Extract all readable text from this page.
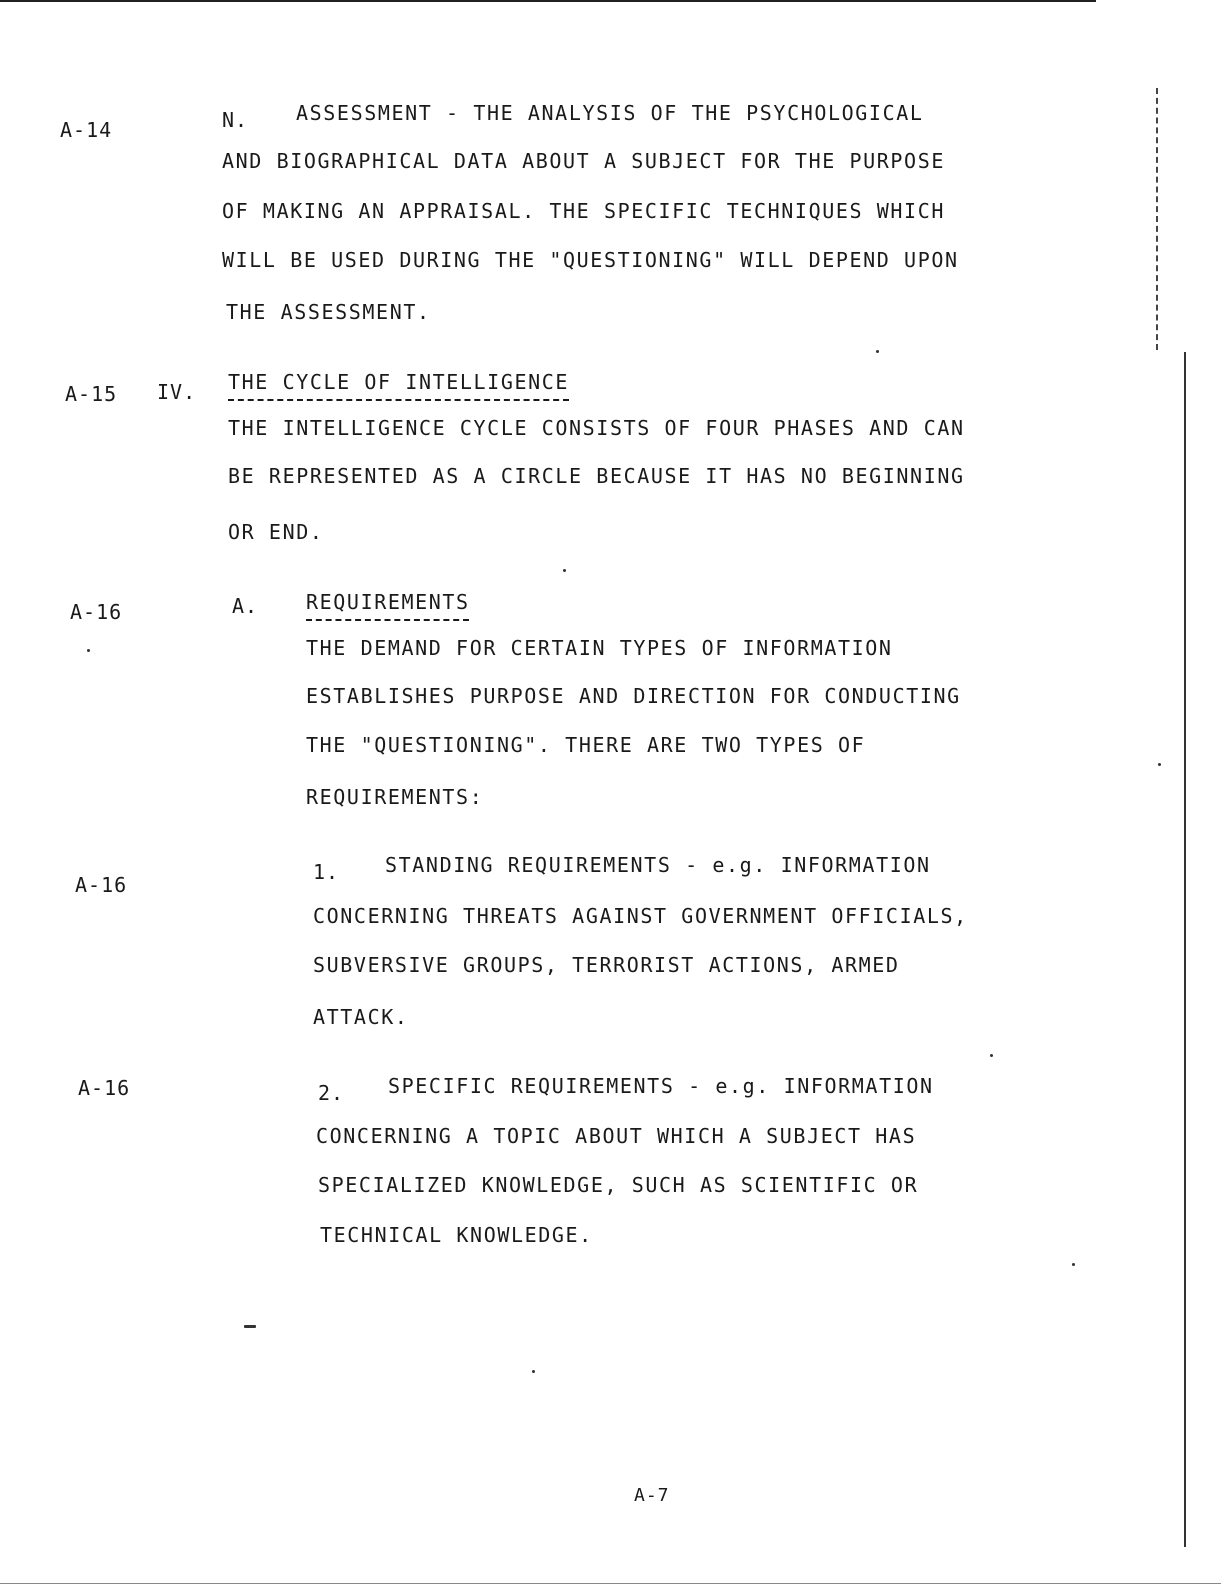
A-14
A-15
A-16
A-16
A-16
N. ASSESSMENT - THE ANALYSIS OF THE PSYCHOLOGICAL
AND BIOGRAPHICAL DATA ABOUT A SUBJECT FOR THE PURPOSE
OF MAKING AN APPRAISAL. THE SPECIFIC TECHNIQUES WHICH
WILL BE USED DURING THE "QUESTIONING" WILL DEPEND UPON
THE ASSESSMENT.
IV. THE CYCLE OF INTELLIGENCE
THE INTELLIGENCE CYCLE CONSISTS OF FOUR PHASES AND CAN
BE REPRESENTED AS A CIRCLE BECAUSE IT HAS NO BEGINNING
OR END.
A. REQUIREMENTS
THE DEMAND FOR CERTAIN TYPES OF INFORMATION
ESTABLISHES PURPOSE AND DIRECTION FOR CONDUCTING
THE "QUESTIONING". THERE ARE TWO TYPES OF
REQUIREMENTS:
1. STANDING REQUIREMENTS - e.g. INFORMATION
CONCERNING THREATS AGAINST GOVERNMENT OFFICIALS,
SUBVERSIVE GROUPS, TERRORIST ACTIONS, ARMED
ATTACK.
2. SPECIFIC REQUIREMENTS - e.g. INFORMATION
CONCERNING A TOPIC ABOUT WHICH A SUBJECT HAS
SPECIALIZED KNOWLEDGE, SUCH AS SCIENTIFIC OR
TECHNICAL KNOWLEDGE.
A-7
